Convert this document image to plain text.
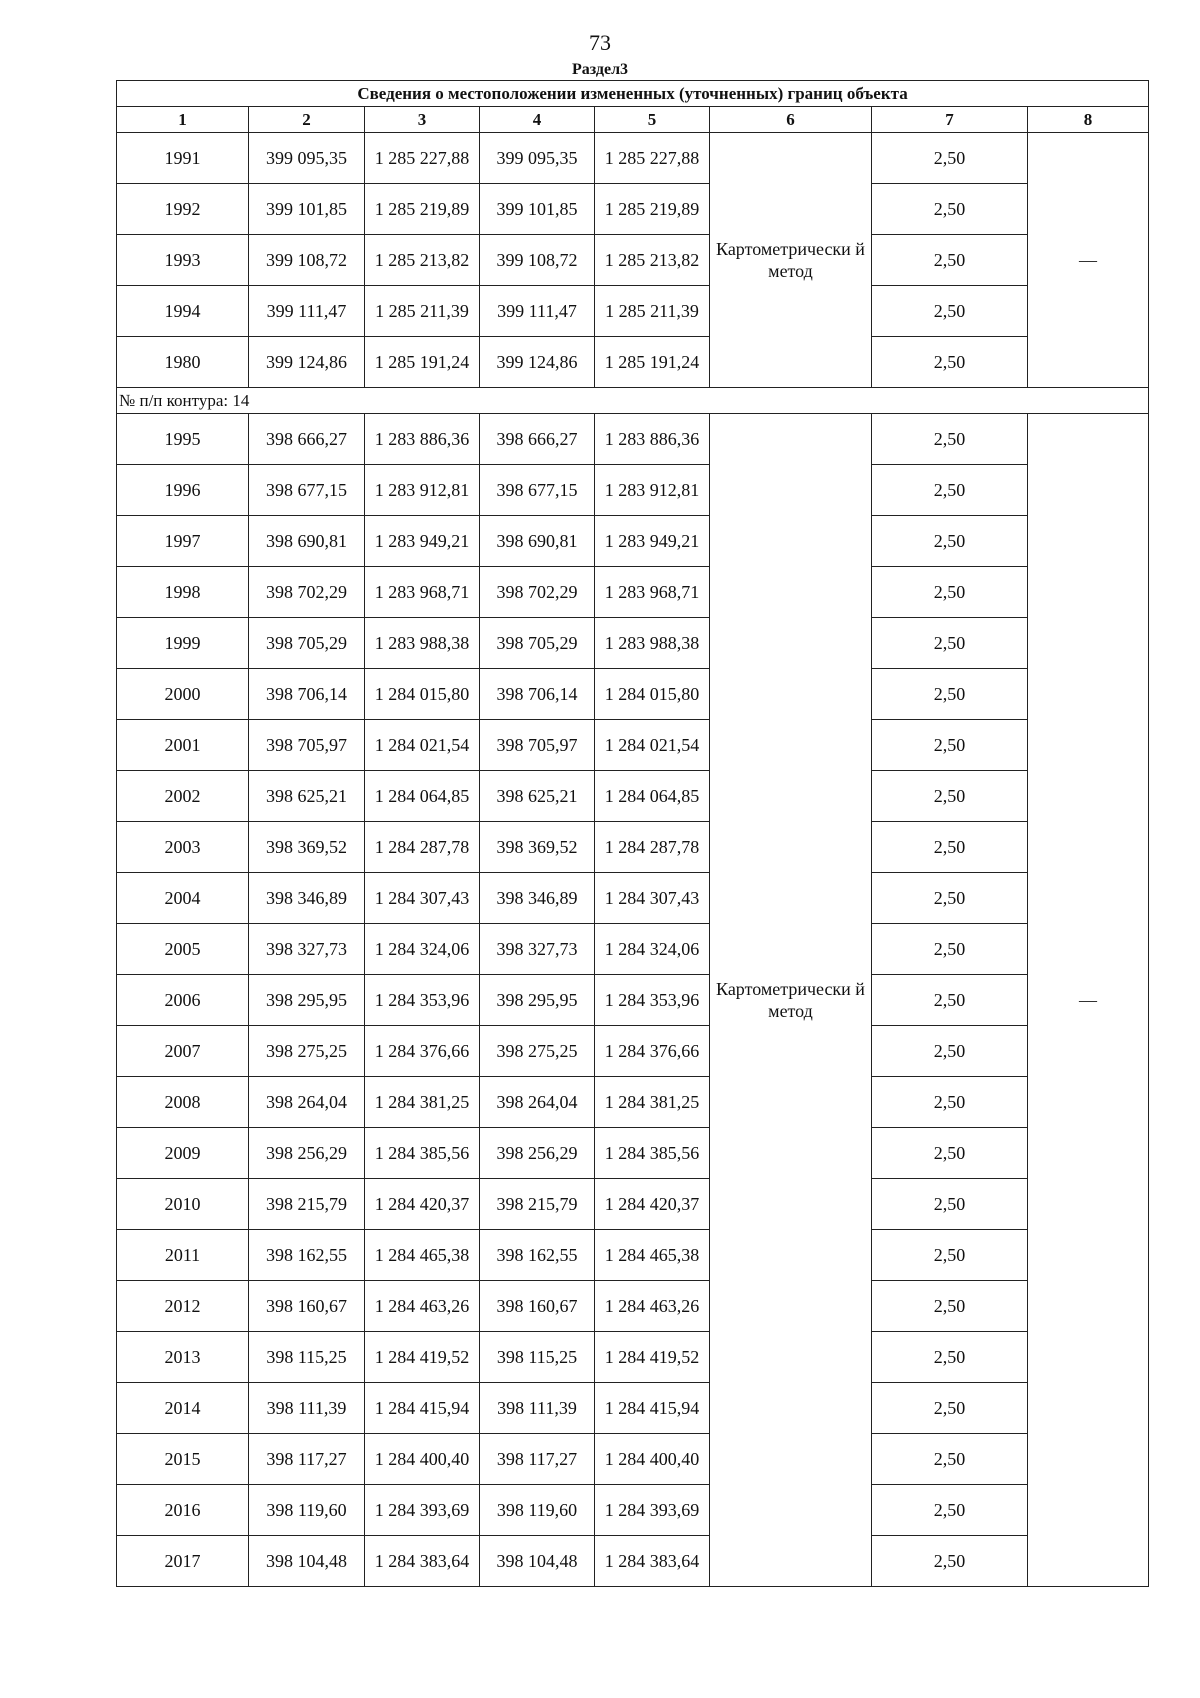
73
Раздел3
Сведения о местоположении измененных (уточненных) границ объекта							
1	2	3	4	5	6	7	8
1991	399 095,35	1 285 227,88	399 095,35	1 285 227,88	Картометрически й метод	2,50	—
1992	399 101,85	1 285 219,89	399 101,85	1 285 219,89		2,50	
1993	399 108,72	1 285 213,82	399 108,72	1 285 213,82		2,50	
1994	399 111,47	1 285 211,39	399 111,47	1 285 211,39		2,50	
1980	399 124,86	1 285 191,24	399 124,86	1 285 191,24		2,50	
№ п/п контура: 14							
1995	398 666,27	1 283 886,36	398 666,27	1 283 886,36	Картометрически й метод	2,50	—
1996	398 677,15	1 283 912,81	398 677,15	1 283 912,81		2,50	
1997	398 690,81	1 283 949,21	398 690,81	1 283 949,21		2,50	
1998	398 702,29	1 283 968,71	398 702,29	1 283 968,71		2,50	
1999	398 705,29	1 283 988,38	398 705,29	1 283 988,38		2,50	
2000	398 706,14	1 284 015,80	398 706,14	1 284 015,80		2,50	
2001	398 705,97	1 284 021,54	398 705,97	1 284 021,54		2,50	
2002	398 625,21	1 284 064,85	398 625,21	1 284 064,85		2,50	
2003	398 369,52	1 284 287,78	398 369,52	1 284 287,78		2,50	
2004	398 346,89	1 284 307,43	398 346,89	1 284 307,43		2,50	
2005	398 327,73	1 284 324,06	398 327,73	1 284 324,06		2,50	
2006	398 295,95	1 284 353,96	398 295,95	1 284 353,96		2,50	
2007	398 275,25	1 284 376,66	398 275,25	1 284 376,66		2,50	
2008	398 264,04	1 284 381,25	398 264,04	1 284 381,25		2,50	
2009	398 256,29	1 284 385,56	398 256,29	1 284 385,56		2,50	
2010	398 215,79	1 284 420,37	398 215,79	1 284 420,37		2,50	
2011	398 162,55	1 284 465,38	398 162,55	1 284 465,38		2,50	
2012	398 160,67	1 284 463,26	398 160,67	1 284 463,26		2,50	
2013	398 115,25	1 284 419,52	398 115,25	1 284 419,52		2,50	
2014	398 111,39	1 284 415,94	398 111,39	1 284 415,94		2,50	
2015	398 117,27	1 284 400,40	398 117,27	1 284 400,40		2,50	
2016	398 119,60	1 284 393,69	398 119,60	1 284 393,69		2,50	
2017	398 104,48	1 284 383,64	398 104,48	1 284 383,64		2,50	
